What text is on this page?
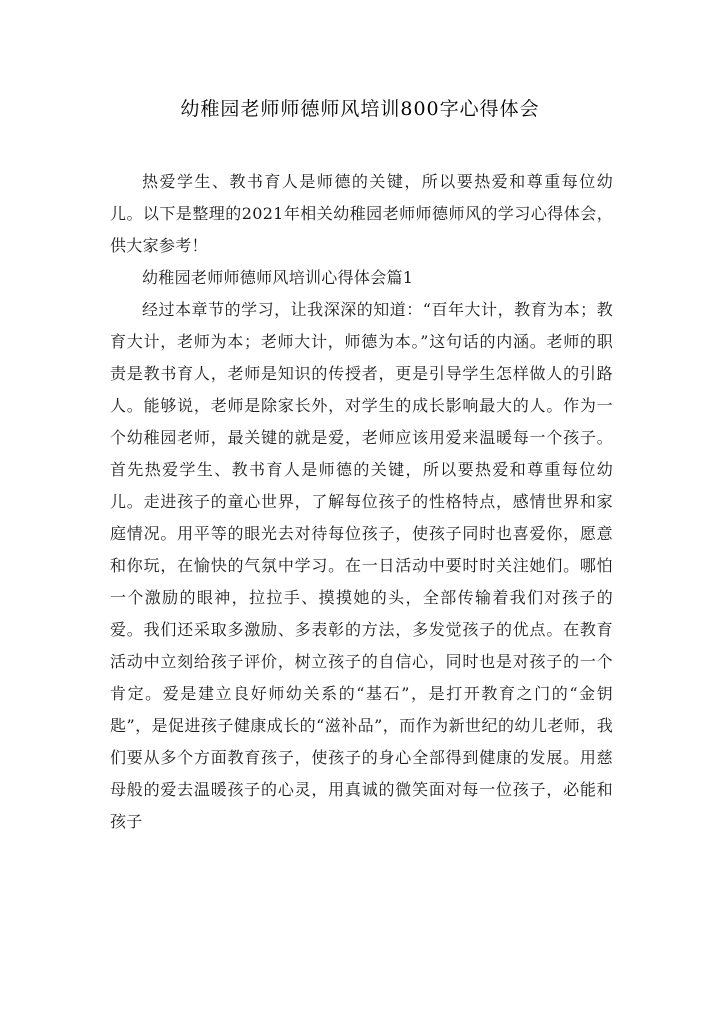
幼稚园老师师德师风培训800字心得体会

热爱学生、教书育人是师德的关键，所以要热爱和尊重每位幼儿。以下是整理的2021年相关幼稚园老师师德师风的学习心得体会，供大家参考！

幼稚园老师师德师风培训心得体会篇1

经过本章节的学习，让我深深的知道：“百年大计，教育为本；教育大计，老师为本；老师大计，师德为本。”这句话的内涵。老师的职责是教书育人，老师是知识的传授者，更是引导学生怎样做人的引路人。能够说，老师是除家长外，对学生的成长影响最大的人。作为一个幼稚园老师，最关键的就是爱，老师应该用爱来温暖每一个孩子。首先热爱学生、教书育人是师德的关键，所以要热爱和尊重每位幼儿。走进孩子的童心世界，了解每位孩子的性格特点，感情世界和家庭情况。用平等的眼光去对待每位孩子，使孩子同时也喜爱你，愿意和你玩，在愉快的气氛中学习。在一日活动中要时时关注她们。哪怕一个激励的眼神，拉拉手、摸摸她的头，全部传输着我们对孩子的爱。我们还采取多激励、多表彰的方法，多发觉孩子的优点。在教育活动中立刻给孩子评价，树立孩子的自信心，同时也是对孩子的一个肯定。爱是建立良好师幼关系的“基石”，是打开教育之门的“金钥匙”，是促进孩子健康成长的“滋补品”，而作为新世纪的幼儿老师，我们要从多个方面教育孩子，使孩子的身心全部得到健康的发展。用慈母般的爱去温暖孩子的心灵，用真诚的微笑面对每一位孩子，必能和孩子
